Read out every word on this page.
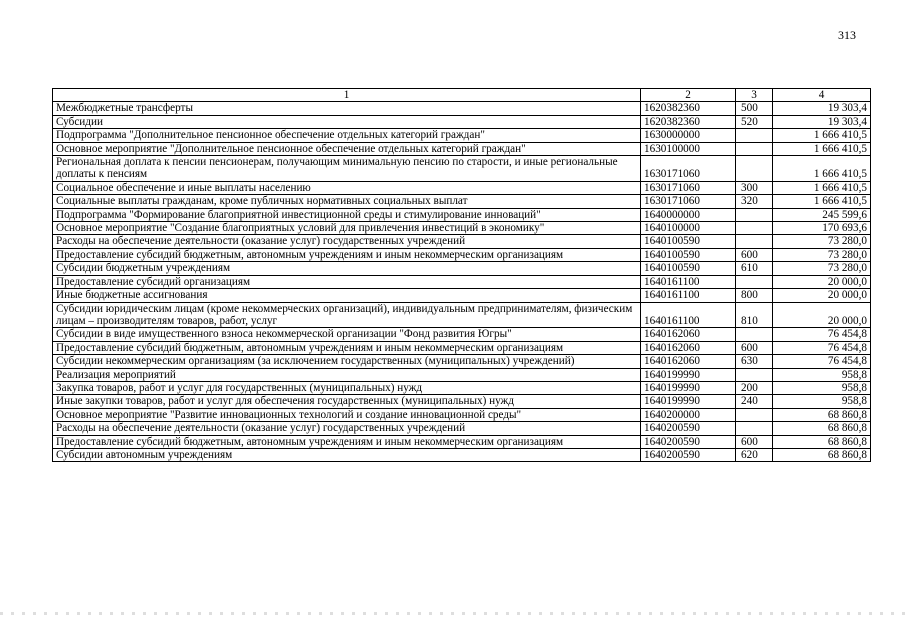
313
1	2	3	4
Межбюджетные трансферты	1620382360	500	19 303,4
Субсидии	1620382360	520	19 303,4
Подпрограмма "Дополнительное пенсионное обеспечение отдельных категорий граждан"	1630000000		1 666 410,5
Основное мероприятие "Дополнительное пенсионное обеспечение отдельных категорий граждан"	1630100000		1 666 410,5
Региональная доплата к пенсии пенсионерам, получающим минимальную пенсию по старости, и иные региональные доплаты к пенсиям	1630171060		1 666 410,5
Социальное обеспечение и иные выплаты населению	1630171060	300	1 666 410,5
Социальные выплаты гражданам, кроме публичных нормативных социальных выплат	1630171060	320	1 666 410,5
Подпрограмма "Формирование благоприятной инвестиционной среды и стимулирование инноваций"	1640000000		245 599,6
Основное мероприятие "Создание благоприятных условий для привлечения инвестиций в экономику"	1640100000		170 693,6
Расходы на обеспечение деятельности (оказание услуг) государственных учреждений	1640100590		73 280,0
Предоставление субсидий бюджетным, автономным учреждениям и иным некоммерческим организациям	1640100590	600	73 280,0
Субсидии бюджетным учреждениям	1640100590	610	73 280,0
Предоставление субсидий организациям	1640161100		20 000,0
Иные бюджетные ассигнования	1640161100	800	20 000,0
Субсидии юридическим лицам (кроме некоммерческих организаций), индивидуальным предпринимателям, физическим лицам – производителям товаров, работ, услуг	1640161100	810	20 000,0
Субсидии в виде имущественного взноса некоммерческой организации "Фонд развития Югры"	1640162060		76 454,8
Предоставление субсидий бюджетным, автономным учреждениям и иным некоммерческим организациям	1640162060	600	76 454,8
Субсидии некоммерческим организациям (за исключением государственных (муниципальных) учреждений)	1640162060	630	76 454,8
Реализация мероприятий	1640199990		958,8
Закупка товаров, работ и услуг для государственных (муниципальных) нужд	1640199990	200	958,8
Иные закупки товаров, работ и услуг для обеспечения государственных (муниципальных) нужд	1640199990	240	958,8
Основное мероприятие "Развитие инновационных технологий и создание инновационной среды"	1640200000		68 860,8
Расходы на обеспечение деятельности (оказание услуг) государственных учреждений	1640200590		68 860,8
Предоставление субсидий бюджетным, автономным учреждениям и иным некоммерческим организациям	1640200590	600	68 860,8
Субсидии автономным учреждениям	1640200590	620	68 860,8
